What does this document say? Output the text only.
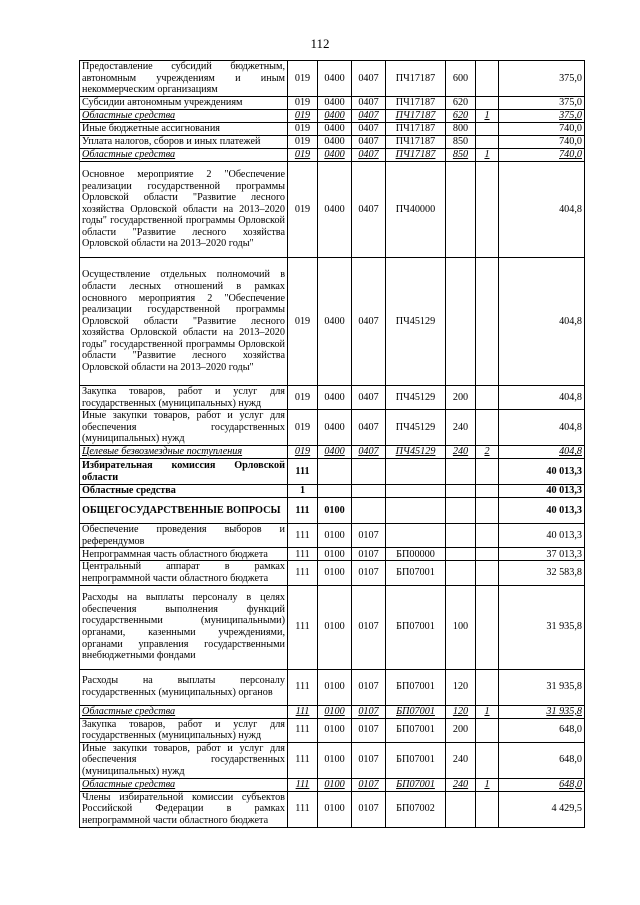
112
Предоставление субсидий бюджетным, автономным учреждениям и иным некоммерческим организациям	019	0400	0407	ПЧ17187	600		375,0
Субсидии автономным учреждениям	019	0400	0407	ПЧ17187	620		375,0
Областные средства	019	0400	0407	ПЧ17187	620	1	375,0
Иные бюджетные ассигнования	019	0400	0407	ПЧ17187	800		740,0
Уплата налогов, сборов и иных платежей	019	0400	0407	ПЧ17187	850		740,0
Областные средства	019	0400	0407	ПЧ17187	850	1	740,0
Основное мероприятие 2 "Обеспечение реализации государственной программы Орловской области "Развитие лесного хозяйства Орловской области на 2013–2020 годы" государственной программы Орловской области "Развитие лесного хозяйства Орловской области на 2013–2020 годы"	019	0400	0407	ПЧ40000			404,8
Осуществление отдельных полномочий в области лесных отношений в рамках основного мероприятия 2 "Обеспечение реализации государственной программы Орловской области "Развитие лесного хозяйства Орловской области на 2013–2020 годы" государственной программы Орловской области "Развитие лесного хозяйства Орловской области на 2013–2020 годы"	019	0400	0407	ПЧ45129			404,8
Закупка товаров, работ и услуг для государственных (муниципальных) нужд	019	0400	0407	ПЧ45129	200		404,8
Иные закупки товаров, работ и услуг для обеспечения государственных (муниципальных) нужд	019	0400	0407	ПЧ45129	240		404,8
Целевые безвозмездные поступления	019	0400	0407	ПЧ45129	240	2	404,8
Избирательная комиссия Орловской области	111						40 013,3
Областные средства	1						40 013,3
ОБЩЕГОСУДАРСТВЕННЫЕ ВОПРОСЫ	111	0100					40 013,3
Обеспечение проведения выборов и референдумов	111	0100	0107				40 013,3
Непрограммная часть областного бюджета	111	0100	0107	БП00000			37 013,3
Центральный аппарат в рамках непрограммной части областного бюджета	111	0100	0107	БП07001			32 583,8
Расходы на выплаты персоналу в целях обеспечения выполнения функций государственными (муниципальными) органами, казенными учреждениями, органами управления государственными внебюджетными фондами	111	0100	0107	БП07001	100		31 935,8
Расходы на выплаты персоналу государственных (муниципальных) органов	111	0100	0107	БП07001	120		31 935,8
Областные средства	111	0100	0107	БП07001	120	1	31 935,8
Закупка товаров, работ и услуг для государственных (муниципальных) нужд	111	0100	0107	БП07001	200		648,0
Иные закупки товаров, работ и услуг для обеспечения государственных (муниципальных) нужд	111	0100	0107	БП07001	240		648,0
Областные средства	111	0100	0107	БП07001	240	1	648,0
Члены избирательной комиссии субъектов Российской Федерации в рамках непрограммной части областного бюджета	111	0100	0107	БП07002			4 429,5
